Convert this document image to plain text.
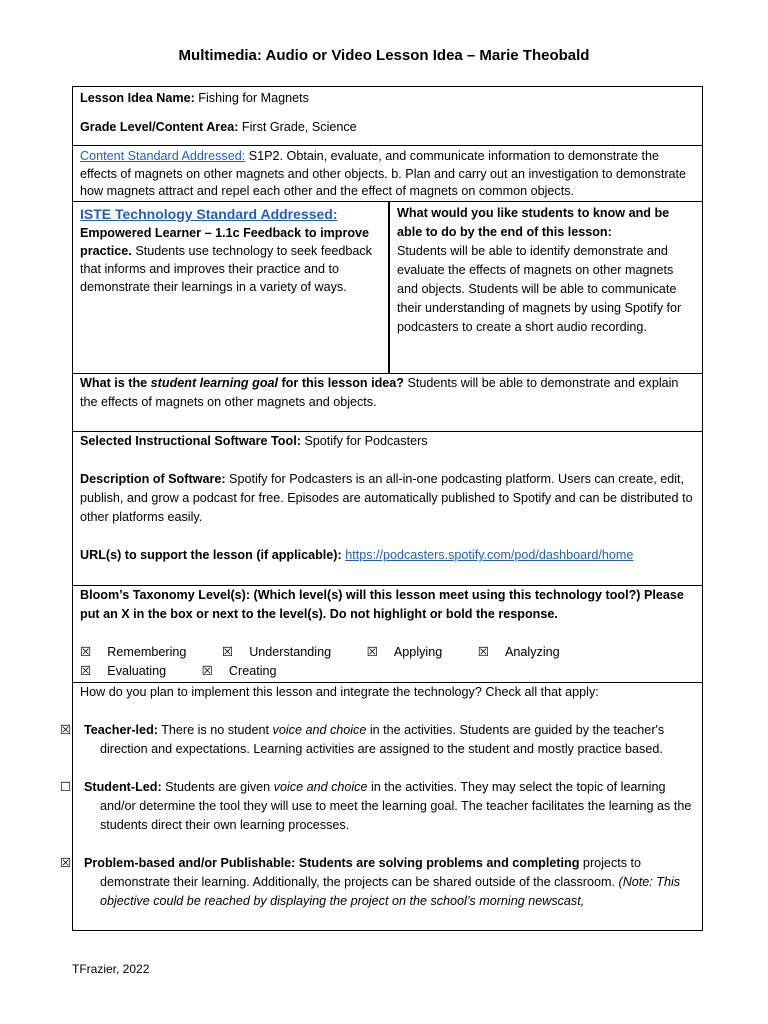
Multimedia: Audio or Video Lesson Idea – Marie Theobald

Lesson Idea Name: Fishing for Magnets

Grade Level/Content Area: First Grade, Science

Content Standard Addressed: S1P2. Obtain, evaluate, and communicate information to demonstrate the effects of magnets on other magnets and other objects. b. Plan and carry out an investigation to demonstrate how magnets attract and repel each other and the effect of magnets on common objects.
ISTE Technology Standard Addressed:
Empowered Learner – 1.1c Feedback to improve practice. Students use technology to seek feedback that informs and improves their practice and to demonstrate their learnings in a variety of ways.
What would you like students to know and be able to do by the end of this lesson:
Students will be able to identify demonstrate and evaluate the effects of magnets on other magnets and objects. Students will be able to communicate their understanding of magnets by using Spotify for podcasters to create a short audio recording.
What is the student learning goal for this lesson idea? Students will be able to demonstrate and explain the effects of magnets on other magnets and objects.

Selected Instructional Software Tool: Spotify for Podcasters

Description of Software: Spotify for Podcasters is an all-in-one podcasting platform. Users can create, edit, publish, and grow a podcast for free. Episodes are automatically published to Spotify and can be distributed to other platforms easily.

URL(s) to support the lesson (if applicable): https://podcasters.spotify.com/pod/dashboard/home

Bloom’s Taxonomy Level(s): (Which level(s) will this lesson meet using this technology tool?) Please put an X in the box or next to the level(s). Do not highlight or bold the response.
☒ Remembering	☒ Understanding	☒ Applying	☒ Analyzing ☒ Evaluating	☒ Creating

How do you plan to implement this lesson and integrate the technology? Check all that apply:

☒ Teacher-led: There is no student voice and choice in the activities. Students are guided by the teacher's direction and expectations. Learning activities are assigned to the student and mostly practice based.

☐ Student-Led: Students are given voice and choice in the activities. They may select the topic of learning and/or determine the tool they will use to meet the learning goal. The teacher facilitates the learning as the students direct their own learning processes.

☒ Problem-based and/or Publishable: Students are solving problems and completing projects to demonstrate their learning. Additionally, the projects can be shared outside of the classroom. (Note: This objective could be reached by displaying the project on the school’s morning newscast,

TFrazier, 2022
